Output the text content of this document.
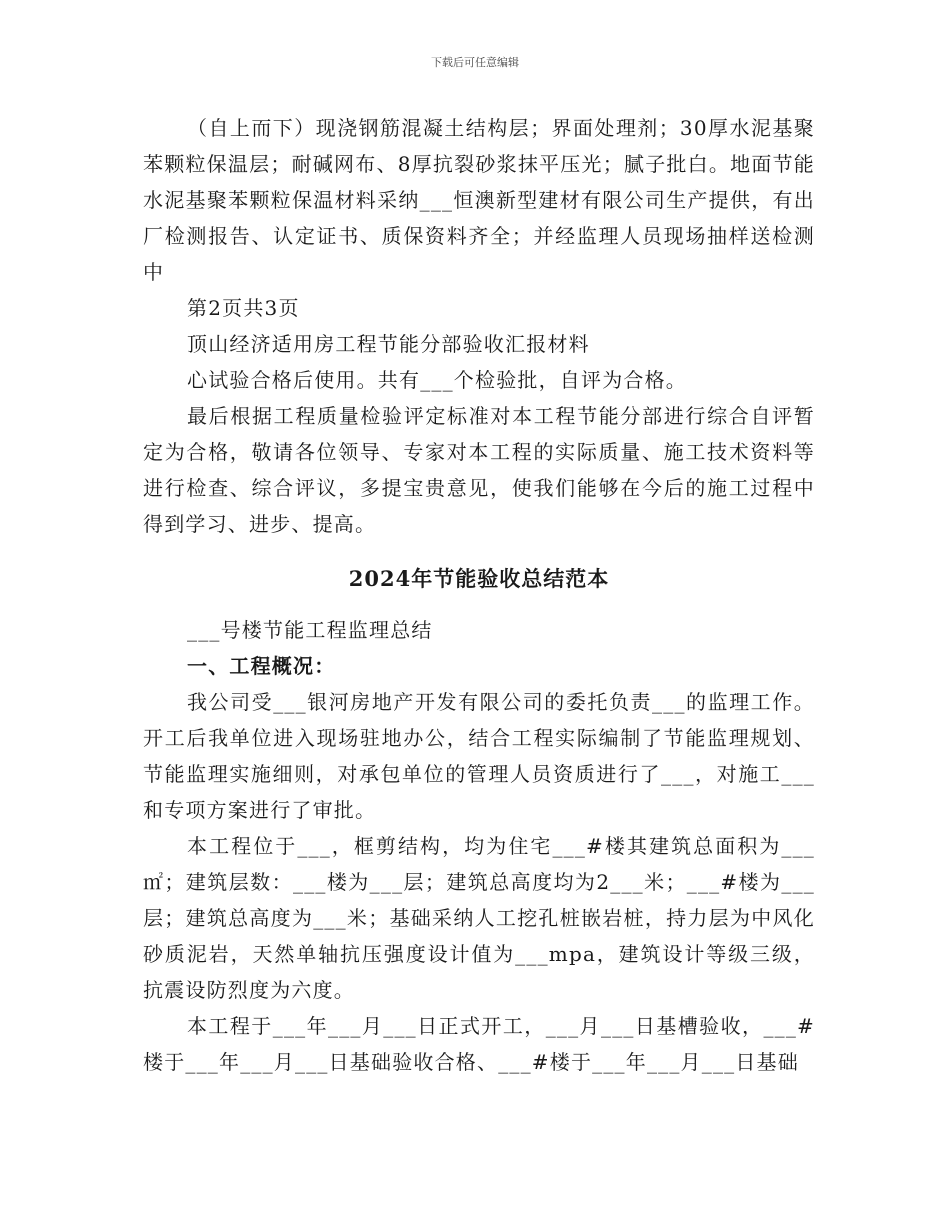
下载后可任意编辑

（自上而下）现浇钢筋混凝土结构层；界面处理剂；30厚水泥基聚苯颗粒保温层；耐碱网布、8厚抗裂砂浆抹平压光；腻子批白。地面节能水泥基聚苯颗粒保温材料采纳___恒澳新型建材有限公司生产提供，有出厂检测报告、认定证书、质保资料齐全；并经监理人员现场抽样送检测中

第2页共3页

顶山经济适用房工程节能分部验收汇报材料

心试验合格后使用。共有___个检验批，自评为合格。

最后根据工程质量检验评定标准对本工程节能分部进行综合自评暂定为合格，敬请各位领导、专家对本工程的实际质量、施工技术资料等进行检查、综合评议，多提宝贵意见，使我们能够在今后的施工过程中得到学习、进步、提高。

2024年节能验收总结范本

___号楼节能工程监理总结

一、工程概况：

我公司受___银河房地产开发有限公司的委托负责___的监理工作。开工后我单位进入现场驻地办公，结合工程实际编制了节能监理规划、节能监理实施细则，对承包单位的管理人员资质进行了___，对施工___和专项方案进行了审批。

本工程位于___，框剪结构，均为住宅___#楼其建筑总面积为___㎡；建筑层数：___楼为___层；建筑总高度均为2___米；___#楼为___层；建筑总高度为___米；基础采纳人工挖孔桩嵌岩桩，持力层为中风化砂质泥岩，天然单轴抗压强度设计值为___mpa，建筑设计等级三级，抗震设防烈度为六度。

本工程于___年___月___日正式开工，___月___日基槽验收，___#楼于___年___月___日基础验收合格、___#楼于___年___月___日基础
